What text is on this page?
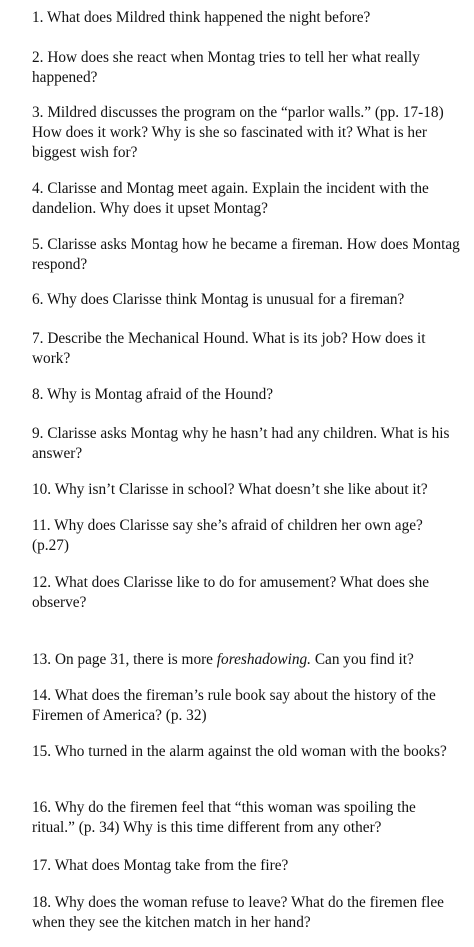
1. What does Mildred think happened the night before?

2. How does she react when Montag tries to tell her what really happened?

3. Mildred discusses the program on the “parlor walls.” (pp. 17-18) How does it work? Why is she so fascinated with it? What is her biggest wish for?

4. Clarisse and Montag meet again. Explain the incident with the dandelion. Why does it upset Montag?

5. Clarisse asks Montag how he became a fireman. How does Montag respond?

6. Why does Clarisse think Montag is unusual for a fireman?

7. Describe the Mechanical Hound. What is its job? How does it work?

8. Why is Montag afraid of the Hound?

9. Clarisse asks Montag why he hasn’t had any children. What is his answer?

10. Why isn’t Clarisse in school? What doesn’t she like about it?

11. Why does Clarisse say she’s afraid of children her own age? (p.27)

12. What does Clarisse like to do for amusement? What does she observe?

13. On page 31, there is more foreshadowing. Can you find it?

14. What does the fireman’s rule book say about the history of the Firemen of America? (p. 32)

15. Who turned in the alarm against the old woman with the books?

16. Why do the firemen feel that “this woman was spoiling the ritual.” (p. 34) Why is this time different from any other?

17. What does Montag take from the fire?

18. Why does the woman refuse to leave? What do the firemen flee when they see the kitchen match in her hand?
